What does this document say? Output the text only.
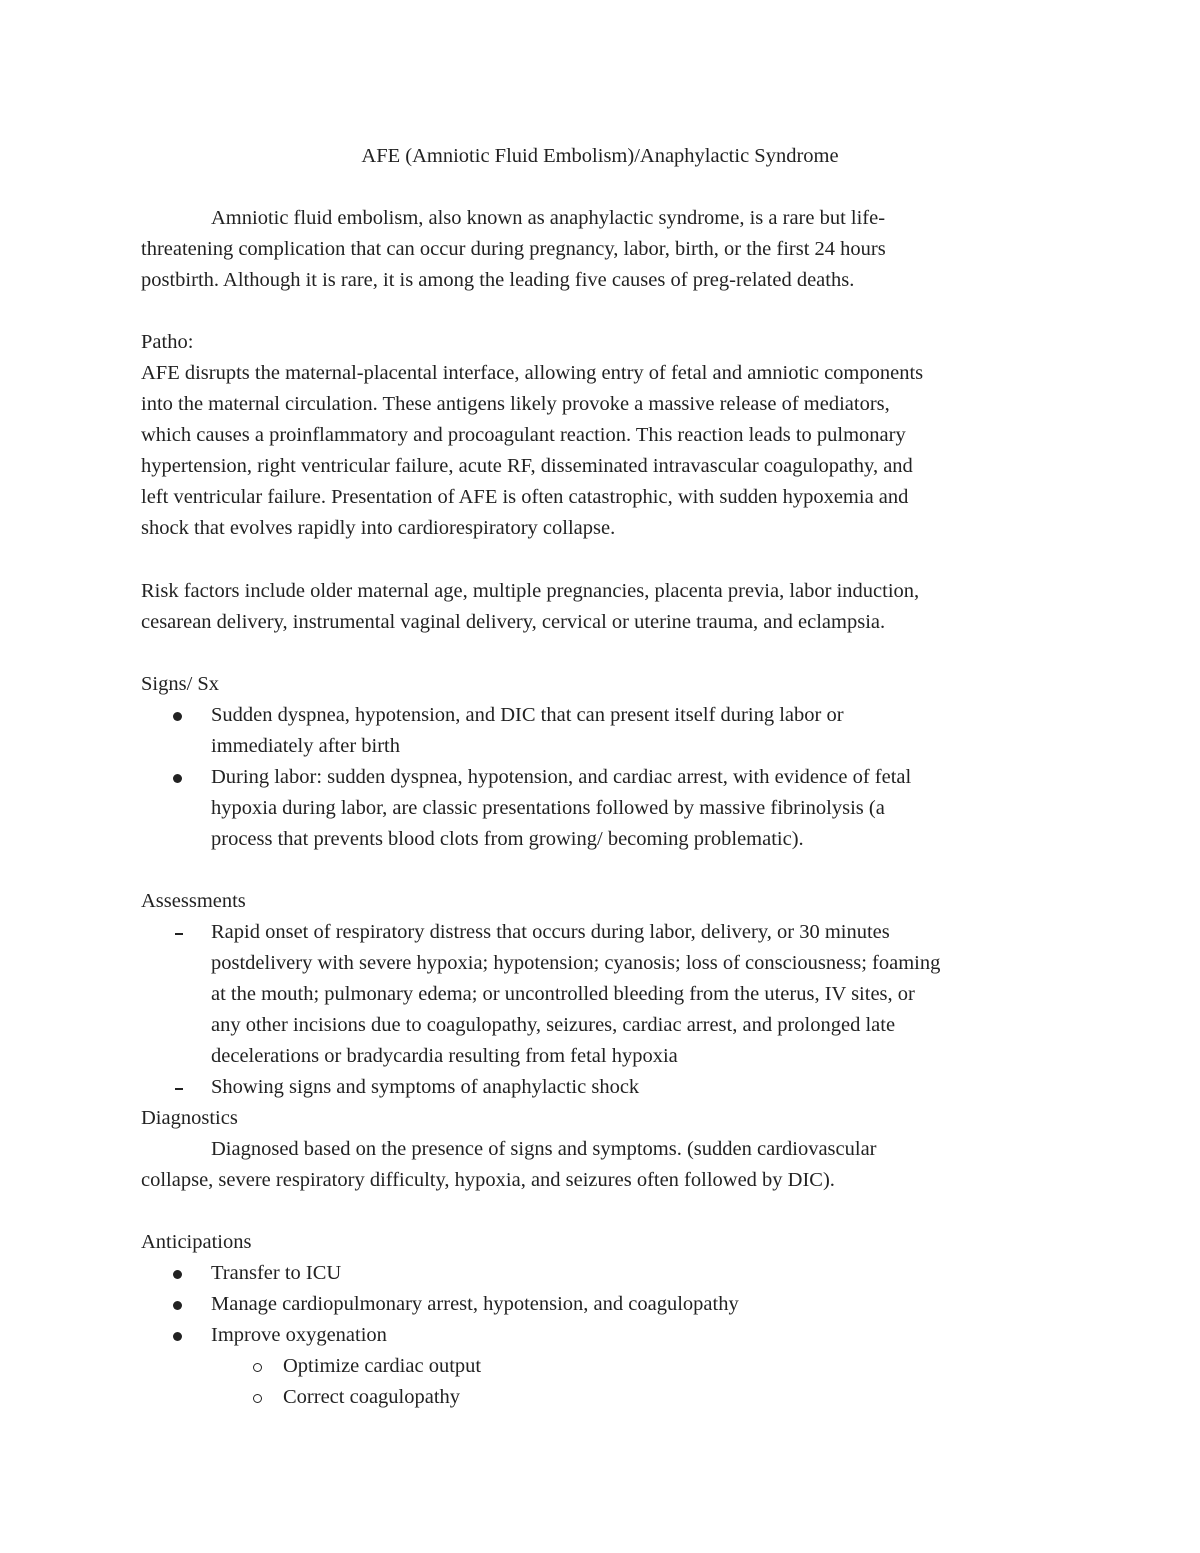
AFE (Amniotic Fluid Embolism)/Anaphylactic Syndrome
Amniotic fluid embolism, also known as anaphylactic syndrome, is a rare but life-
threatening complication that can occur during pregnancy, labor, birth, or the first 24 hours
postbirth. Although it is rare, it is among the leading five causes of preg-related deaths.
Patho:
AFE disrupts the maternal-placental interface, allowing entry of fetal and amniotic components
into the maternal circulation. These antigens likely provoke a massive release of mediators,
which causes a proinflammatory and procoagulant reaction. This reaction leads to pulmonary
hypertension, right ventricular failure, acute RF, disseminated intravascular coagulopathy, and
left ventricular failure. Presentation of AFE is often catastrophic, with sudden hypoxemia and
shock that evolves rapidly into cardiorespiratory collapse.
Risk factors include older maternal age, multiple pregnancies, placenta previa, labor induction,
cesarean delivery, instrumental vaginal delivery, cervical or uterine trauma, and eclampsia.
Signs/ Sx
Sudden dyspnea, hypotension, and DIC that can present itself during labor or
immediately after birth
During labor: sudden dyspnea, hypotension, and cardiac arrest, with evidence of fetal
hypoxia during labor, are classic presentations followed by massive fibrinolysis (a
process that prevents blood clots from growing/ becoming problematic).
Assessments
Rapid onset of respiratory distress that occurs during labor, delivery, or 30 minutes
postdelivery with severe hypoxia; hypotension; cyanosis; loss of consciousness; foaming
at the mouth; pulmonary edema; or uncontrolled bleeding from the uterus, IV sites, or
any other incisions due to coagulopathy, seizures, cardiac arrest, and prolonged late
decelerations or bradycardia resulting from fetal hypoxia
Showing signs and symptoms of anaphylactic shock
Diagnostics
Diagnosed based on the presence of signs and symptoms. (sudden cardiovascular
collapse, severe respiratory difficulty, hypoxia, and seizures often followed by DIC).
Anticipations
Transfer to ICU
Manage cardiopulmonary arrest, hypotension, and coagulopathy
Improve oxygenation
Optimize cardiac output
Correct coagulopathy
